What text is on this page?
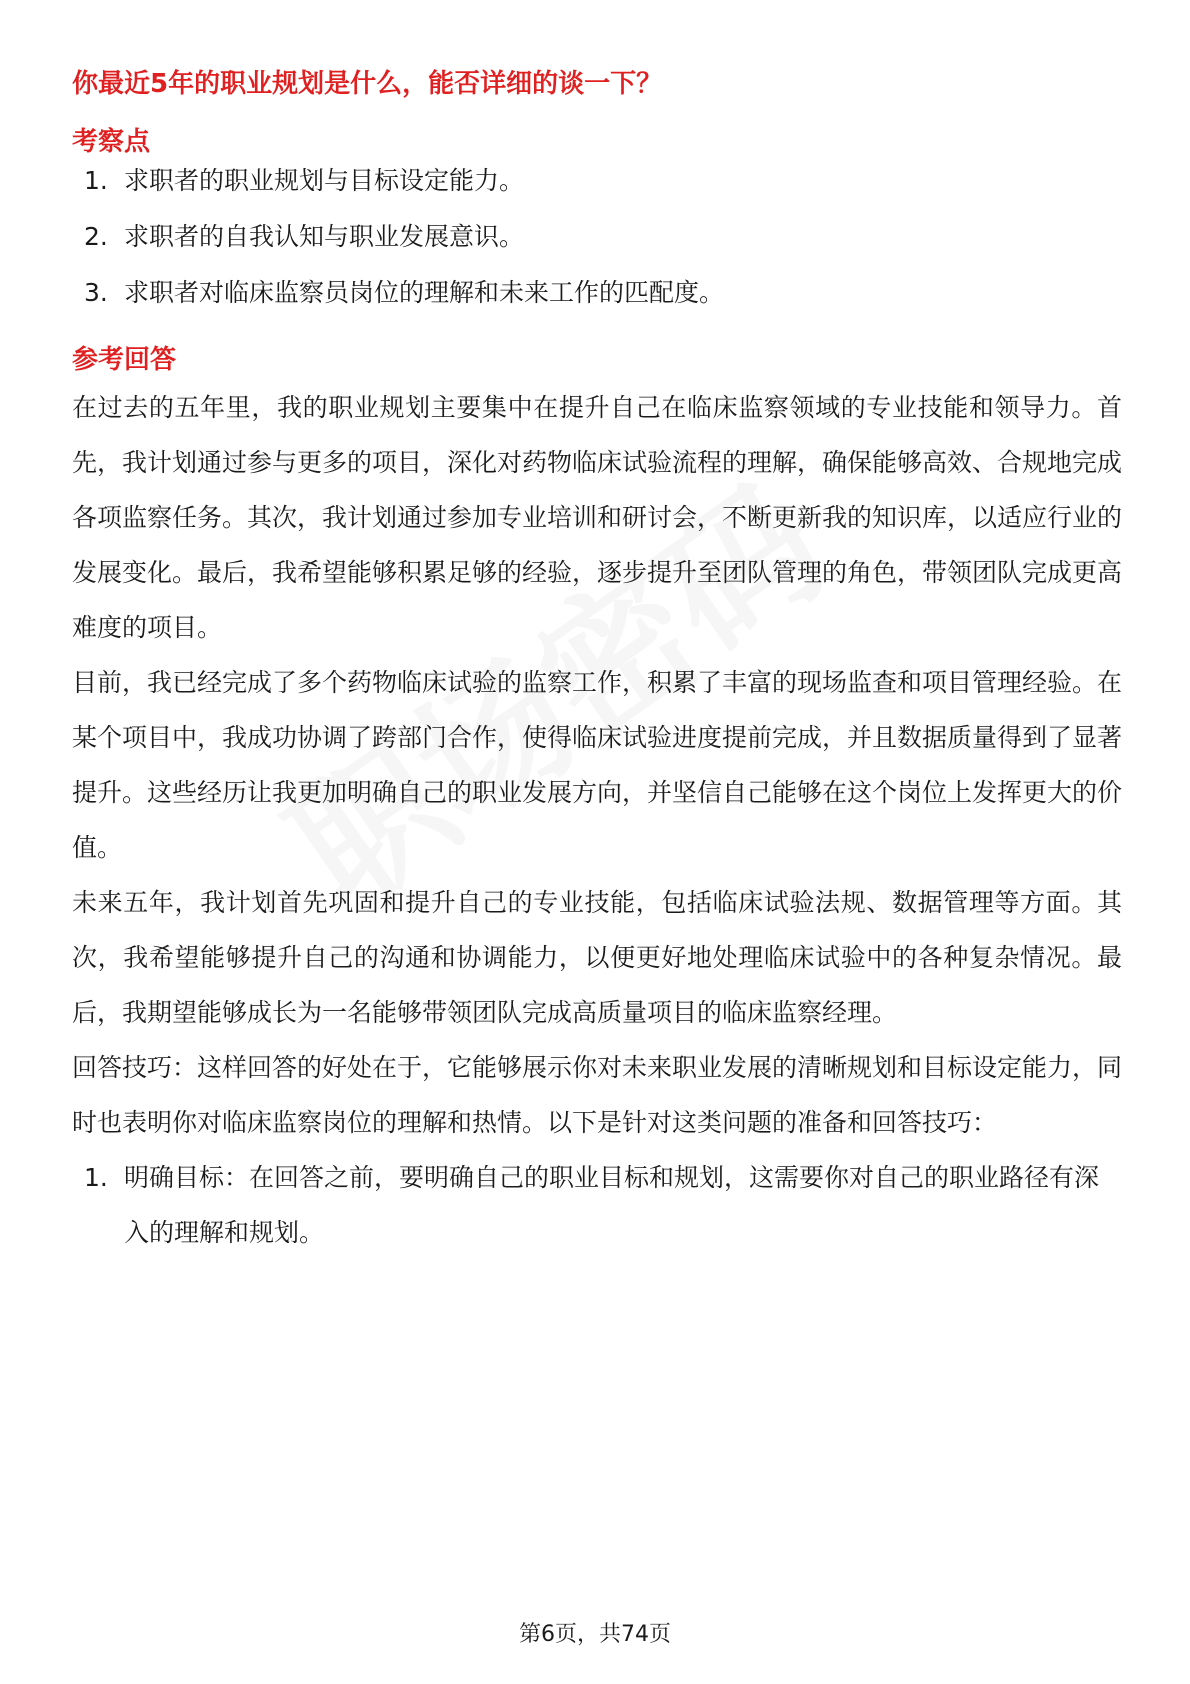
你最近5年的职业规划是什么，能否详细的谈一下？
考察点
1. 求职者的职业规划与目标设定能力。
2. 求职者的自我认知与职业发展意识。
3. 求职者对临床监察员岗位的理解和未来工作的匹配度。
参考回答

在过去的五年里，我的职业规划主要集中在提升自己在临床监察领域的专业技能和领导力。首先，我计划通过参与更多的项目，深化对药物临床试验流程的理解，确保能够高效、合规地完成各项监察任务。其次，我计划通过参加专业培训和研讨会，不断更新我的知识库，以适应行业的发展变化。最后，我希望能够积累足够的经验，逐步提升至团队管理的角色，带领团队完成更高难度的项目。

目前，我已经完成了多个药物临床试验的监察工作，积累了丰富的现场监查和项目管理经验。在某个项目中，我成功协调了跨部门合作，使得临床试验进度提前完成，并且数据质量得到了显著提升。这些经历让我更加明确自己的职业发展方向，并坚信自己能够在这个岗位上发挥更大的价值。

未来五年，我计划首先巩固和提升自己的专业技能，包括临床试验法规、数据管理等方面。其次，我希望能够提升自己的沟通和协调能力，以便更好地处理临床试验中的各种复杂情况。最后，我期望能够成长为一名能够带领团队完成高质量项目的临床监察经理。

回答技巧：这样回答的好处在于，它能够展示你对未来职业发展的清晰规划和目标设定能力，同时也表明你对临床监察岗位的理解和热情。以下是针对这类问题的准备和回答技巧：

1. 明确目标：在回答之前，要明确自己的职业目标和规划，这需要你对自己的职业路径有深入的理解和规划。
第6页，共74页
